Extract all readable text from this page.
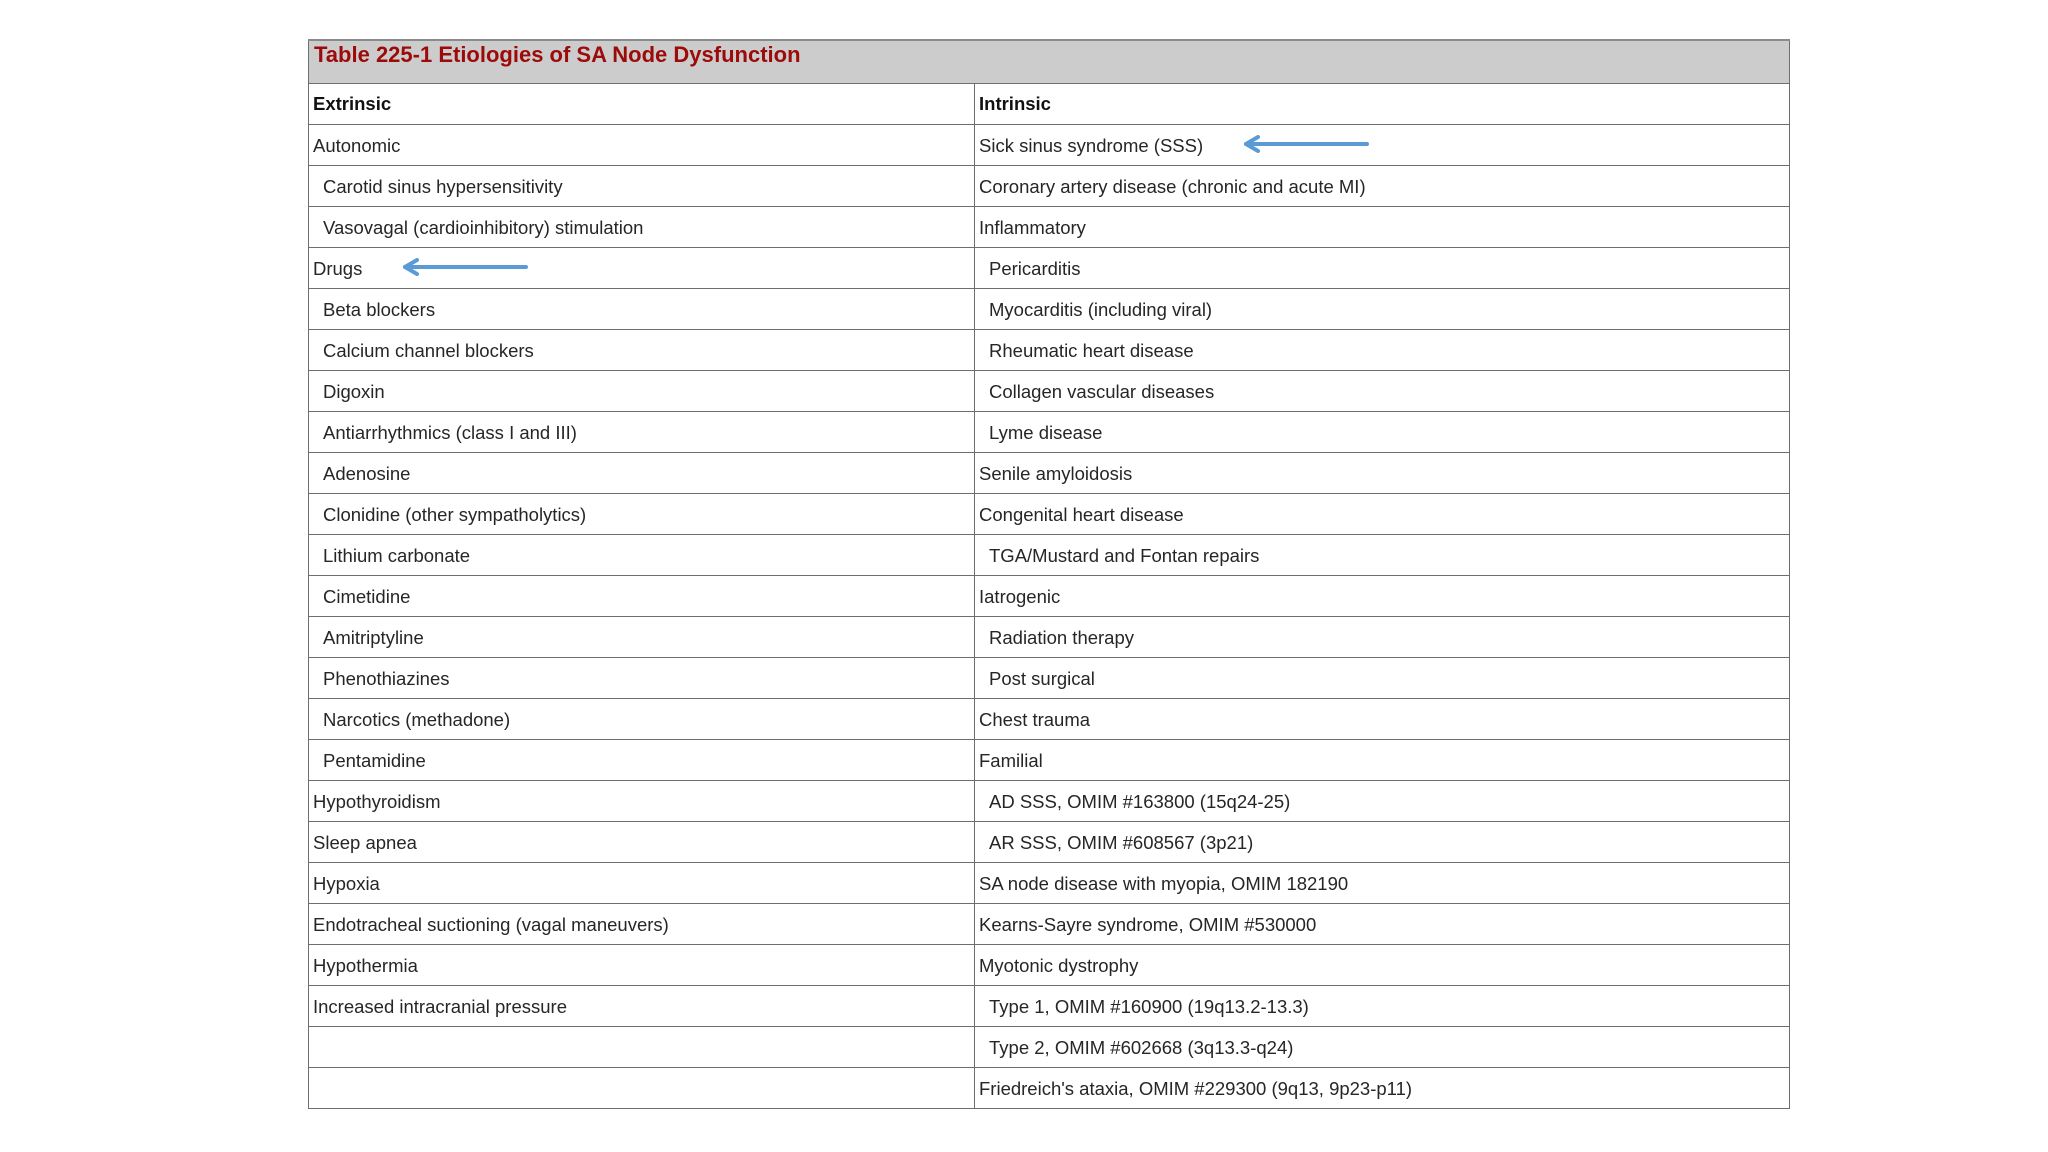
Table 225-1 Etiologies of SA Node Dysfunction	
Extrinsic	Intrinsic
Autonomic	Sick sinus syndrome (SSS)
Carotid sinus hypersensitivity	Coronary artery disease (chronic and acute MI)
Vasovagal (cardioinhibitory) stimulation	Inflammatory
Drugs	Pericarditis
Beta blockers	Myocarditis (including viral)
Calcium channel blockers	Rheumatic heart disease
Digoxin	Collagen vascular diseases
Antiarrhythmics (class I and III)	Lyme disease
Adenosine	Senile amyloidosis
Clonidine (other sympatholytics)	Congenital heart disease
Lithium carbonate	TGA/Mustard and Fontan repairs
Cimetidine	Iatrogenic
Amitriptyline	Radiation therapy
Phenothiazines	Post surgical
Narcotics (methadone)	Chest trauma
Pentamidine	Familial
Hypothyroidism	AD SSS, OMIM #163800 (15q24-25)
Sleep apnea	AR SSS, OMIM #608567 (3p21)
Hypoxia	SA node disease with myopia, OMIM 182190
Endotracheal suctioning (vagal maneuvers)	Kearns-Sayre syndrome, OMIM #530000
Hypothermia	Myotonic dystrophy
Increased intracranial pressure	Type 1, OMIM #160900 (19q13.2-13.3)
	Type 2, OMIM #602668 (3q13.3-q24)
	Friedreich's ataxia, OMIM #229300 (9q13, 9p23-p11)
